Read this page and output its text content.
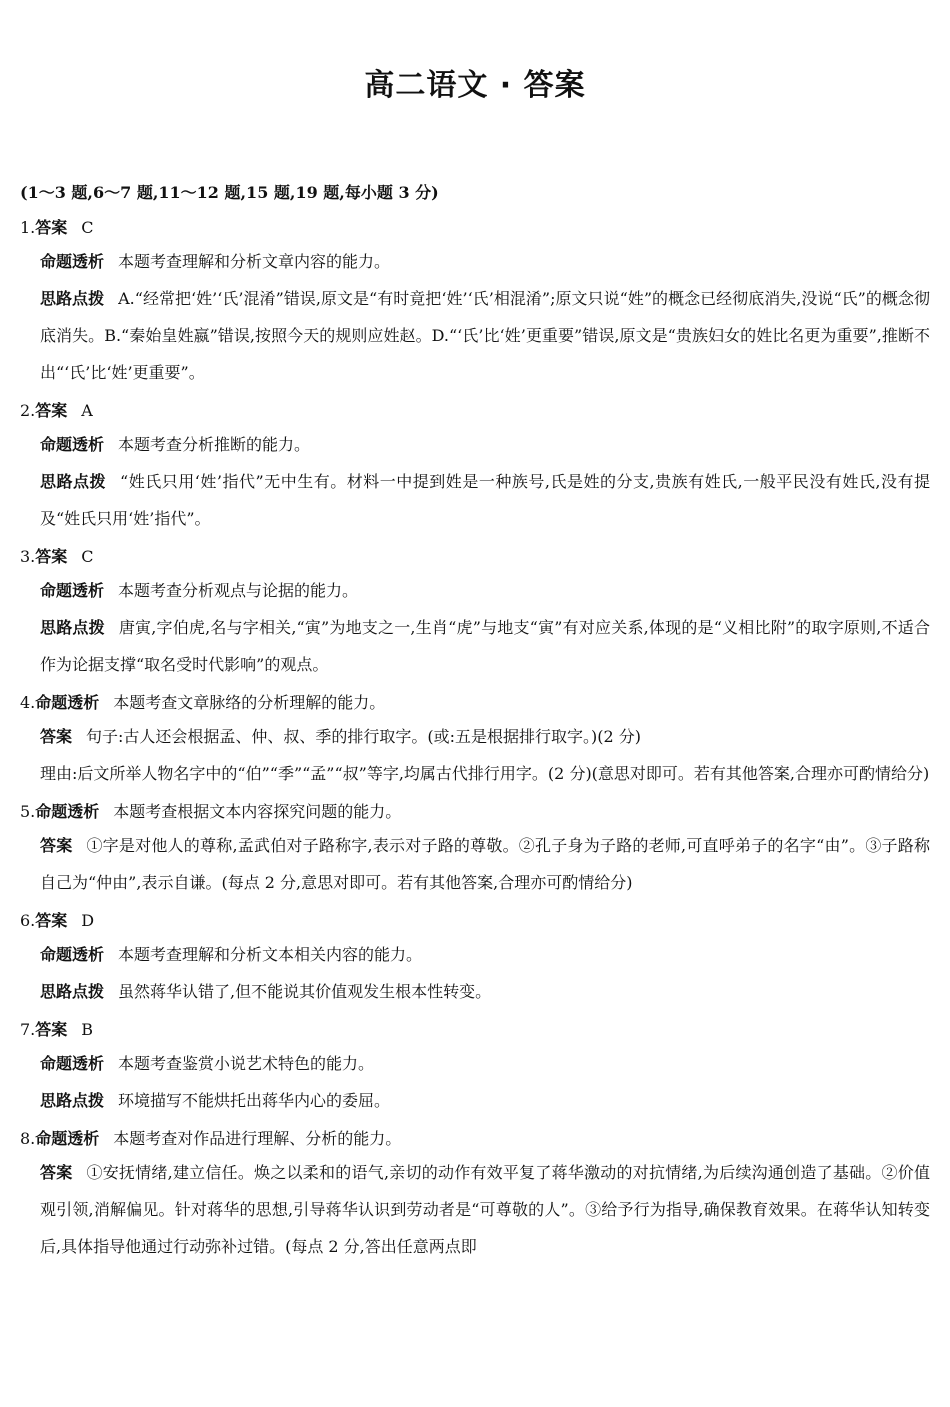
高二语文 · 答案
(1～3 题,6～7 题,11～12 题,15 题,19 题,每小题 3 分)
1.答案 C
命题透析 本题考查理解和分析文章内容的能力。
思路点拨 A.“经常把‘姓’‘氏’混淆”错误,原文是“有时竟把‘姓’‘氏’相混淆”;原文只说“姓”的概念已经彻底消失,没说“氏”的概念彻底消失。B.“秦始皇姓嬴”错误,按照今天的规则应姓赵。D.“‘氏’比‘姓’更重要”错误,原文是“贵族妇女的姓比名更为重要”,推断不出“‘氏’比‘姓’更重要”。
2.答案 A
命题透析 本题考查分析推断的能力。
思路点拨 “姓氏只用‘姓’指代”无中生有。材料一中提到姓是一种族号,氏是姓的分支,贵族有姓氏,一般平民没有姓氏,没有提及“姓氏只用‘姓’指代”。
3.答案 C
命题透析 本题考查分析观点与论据的能力。
思路点拨 唐寅,字伯虎,名与字相关,“寅”为地支之一,生肖“虎”与地支“寅”有对应关系,体现的是“义相比附”的取字原则,不适合作为论据支撑“取名受时代影响”的观点。
4.命题透析 本题考查文章脉络的分析理解的能力。
答案 句子:古人还会根据孟、仲、叔、季的排行取字。(或:五是根据排行取字。)(2 分)
理由:后文所举人物名字中的“伯”“季”“孟”“叔”等字,均属古代排行用字。(2 分)(意思对即可。若有其他答案,合理亦可酌情给分)
5.命题透析 本题考查根据文本内容探究问题的能力。
答案 ①字是对他人的尊称,孟武伯对子路称字,表示对子路的尊敬。②孔子身为子路的老师,可直呼弟子的名字“由”。③子路称自己为“仲由”,表示自谦。(每点 2 分,意思对即可。若有其他答案,合理亦可酌情给分)
6.答案 D
命题透析 本题考查理解和分析文本相关内容的能力。
思路点拨 虽然蒋华认错了,但不能说其价值观发生根本性转变。
7.答案 B
命题透析 本题考查鉴赏小说艺术特色的能力。
思路点拨 环境描写不能烘托出蒋华内心的委屈。
8.命题透析 本题考查对作品进行理解、分析的能力。
答案 ①安抚情绪,建立信任。焕之以柔和的语气,亲切的动作有效平复了蒋华激动的对抗情绪,为后续沟通创造了基础。②价值观引领,消解偏见。针对蒋华的思想,引导蒋华认识到劳动者是“可尊敬的人”。③给予行为指导,确保教育效果。在蒋华认知转变后,具体指导他通过行动弥补过错。(每点 2 分,答出任意两点即
